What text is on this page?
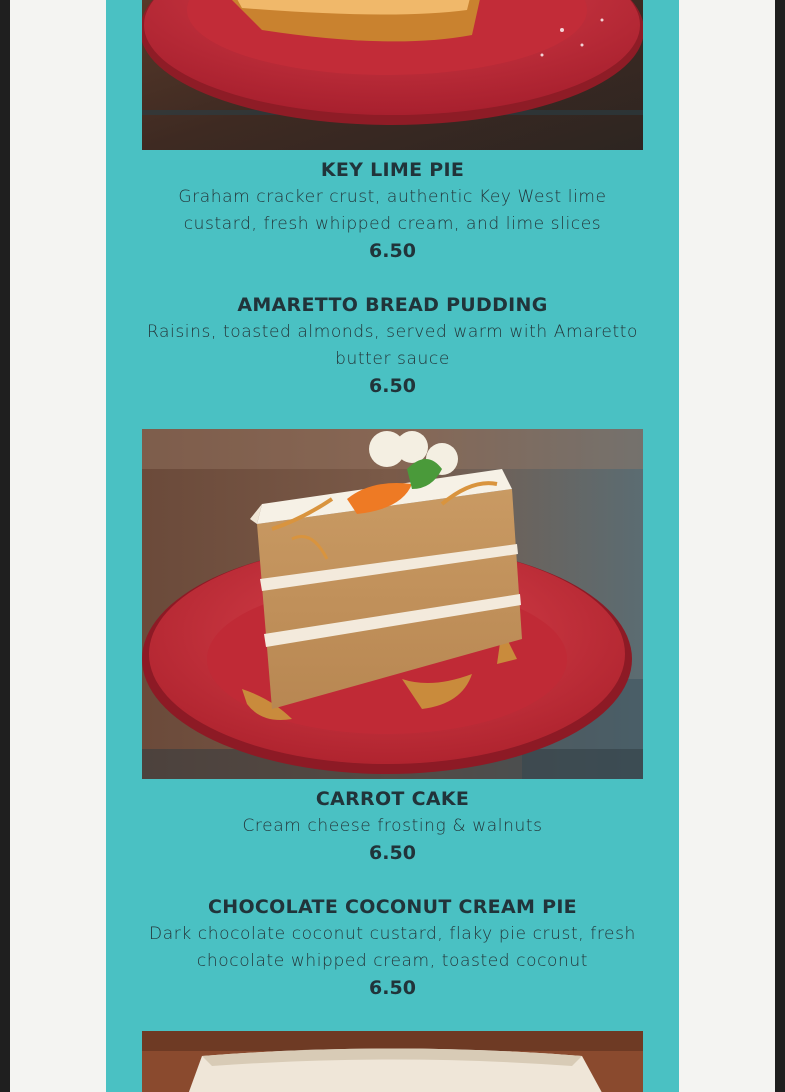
KEY LIME PIE
Graham cracker crust, authentic Key West lime custard, fresh whipped cream, and lime slices
6.50
AMARETTO BREAD PUDDING
Raisins, toasted almonds, served warm with Amaretto butter sauce
6.50
CARROT CAKE
Cream cheese frosting & walnuts
6.50
CHOCOLATE COCONUT CREAM PIE
Dark chocolate coconut custard, flaky pie crust, fresh chocolate whipped cream, toasted coconut
6.50
